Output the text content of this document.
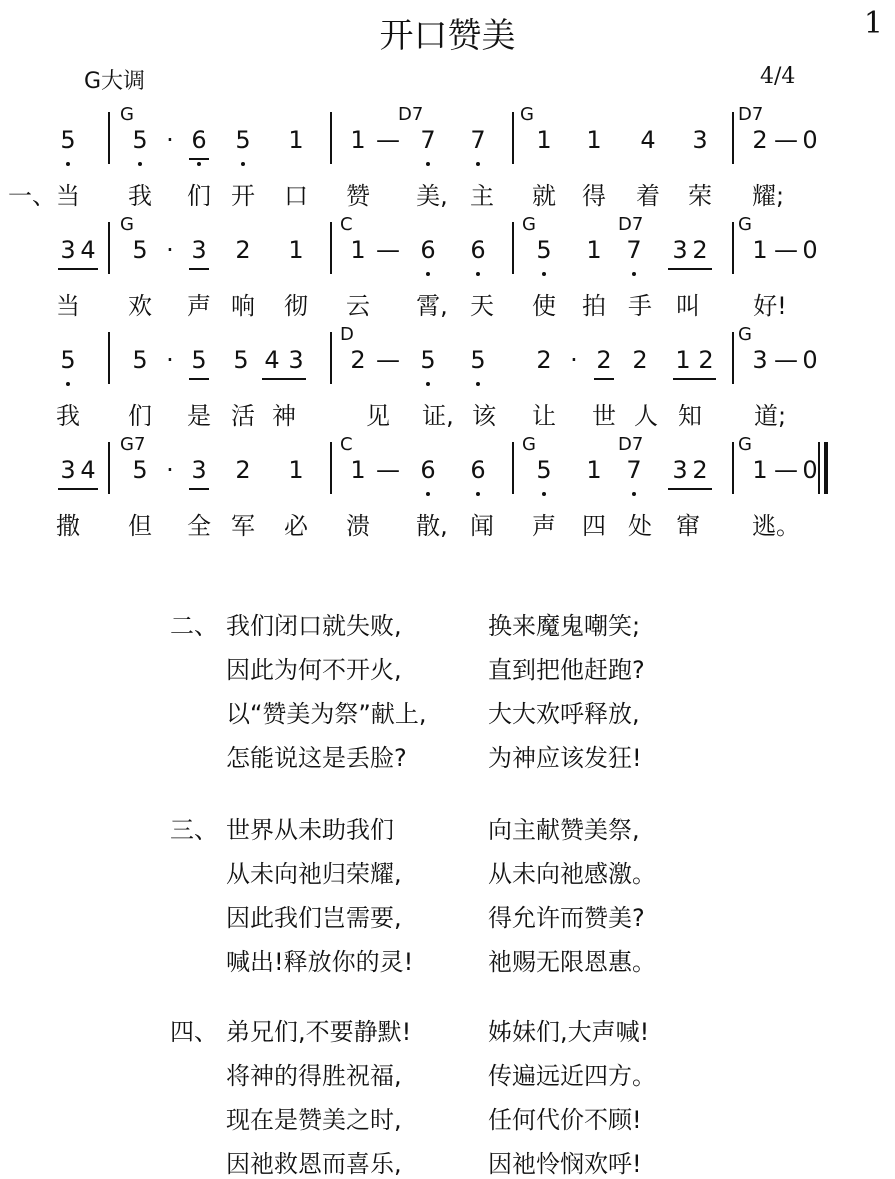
开口赞美	1
G大调	4/4
5 5 · 6 5 1 1 — 7 7 1 1 4 3 2 — 0
G	D7	G	D7
一、 当 我 们 开 口 赞 美, 主 就 得 着 荣 耀;
3 4 5 · 3 2 1 1 — 6 6 5 1 7 3 2 1 — 0
G	C	G	D7	G
当 欢 声 响 彻 云 霄, 天 使 拍 手 叫 好!
5 5 · 5 5 4 3 2 — 5 5 2 · 2 2 1 2 3 — 0
D	G
我 们 是 活 神	见 证, 该 让 世 人 知 道;
3 4 5 · 3 2 1 1 — 6 6 5 1 7 3 2 1 — 0
G7	C	G	D7	G
撒 但 全 军 必 溃 散, 闻 声 四 处 窜 逃。
二、 我们闭口就失败,	换来魔鬼嘲笑;
因此为何不开火,	直到把他赶跑?
以“赞美为祭”献上,	大大欢呼释放,
怎能说这是丢脸?	为神应该发狂!
三、 世界从未助我们	向主献赞美祭,
从未向祂归荣耀,	从未向祂感激。
因此我们岂需要,	得允许而赞美?
喊出!释放你的灵!	祂赐无限恩惠。
四、 弟兄们,不要静默!	姊妹们,大声喊!
将神的得胜祝福,	传遍远近四方。
现在是赞美之时,	任何代价不顾!
因祂救恩而喜乐,	因祂怜悯欢呼!
